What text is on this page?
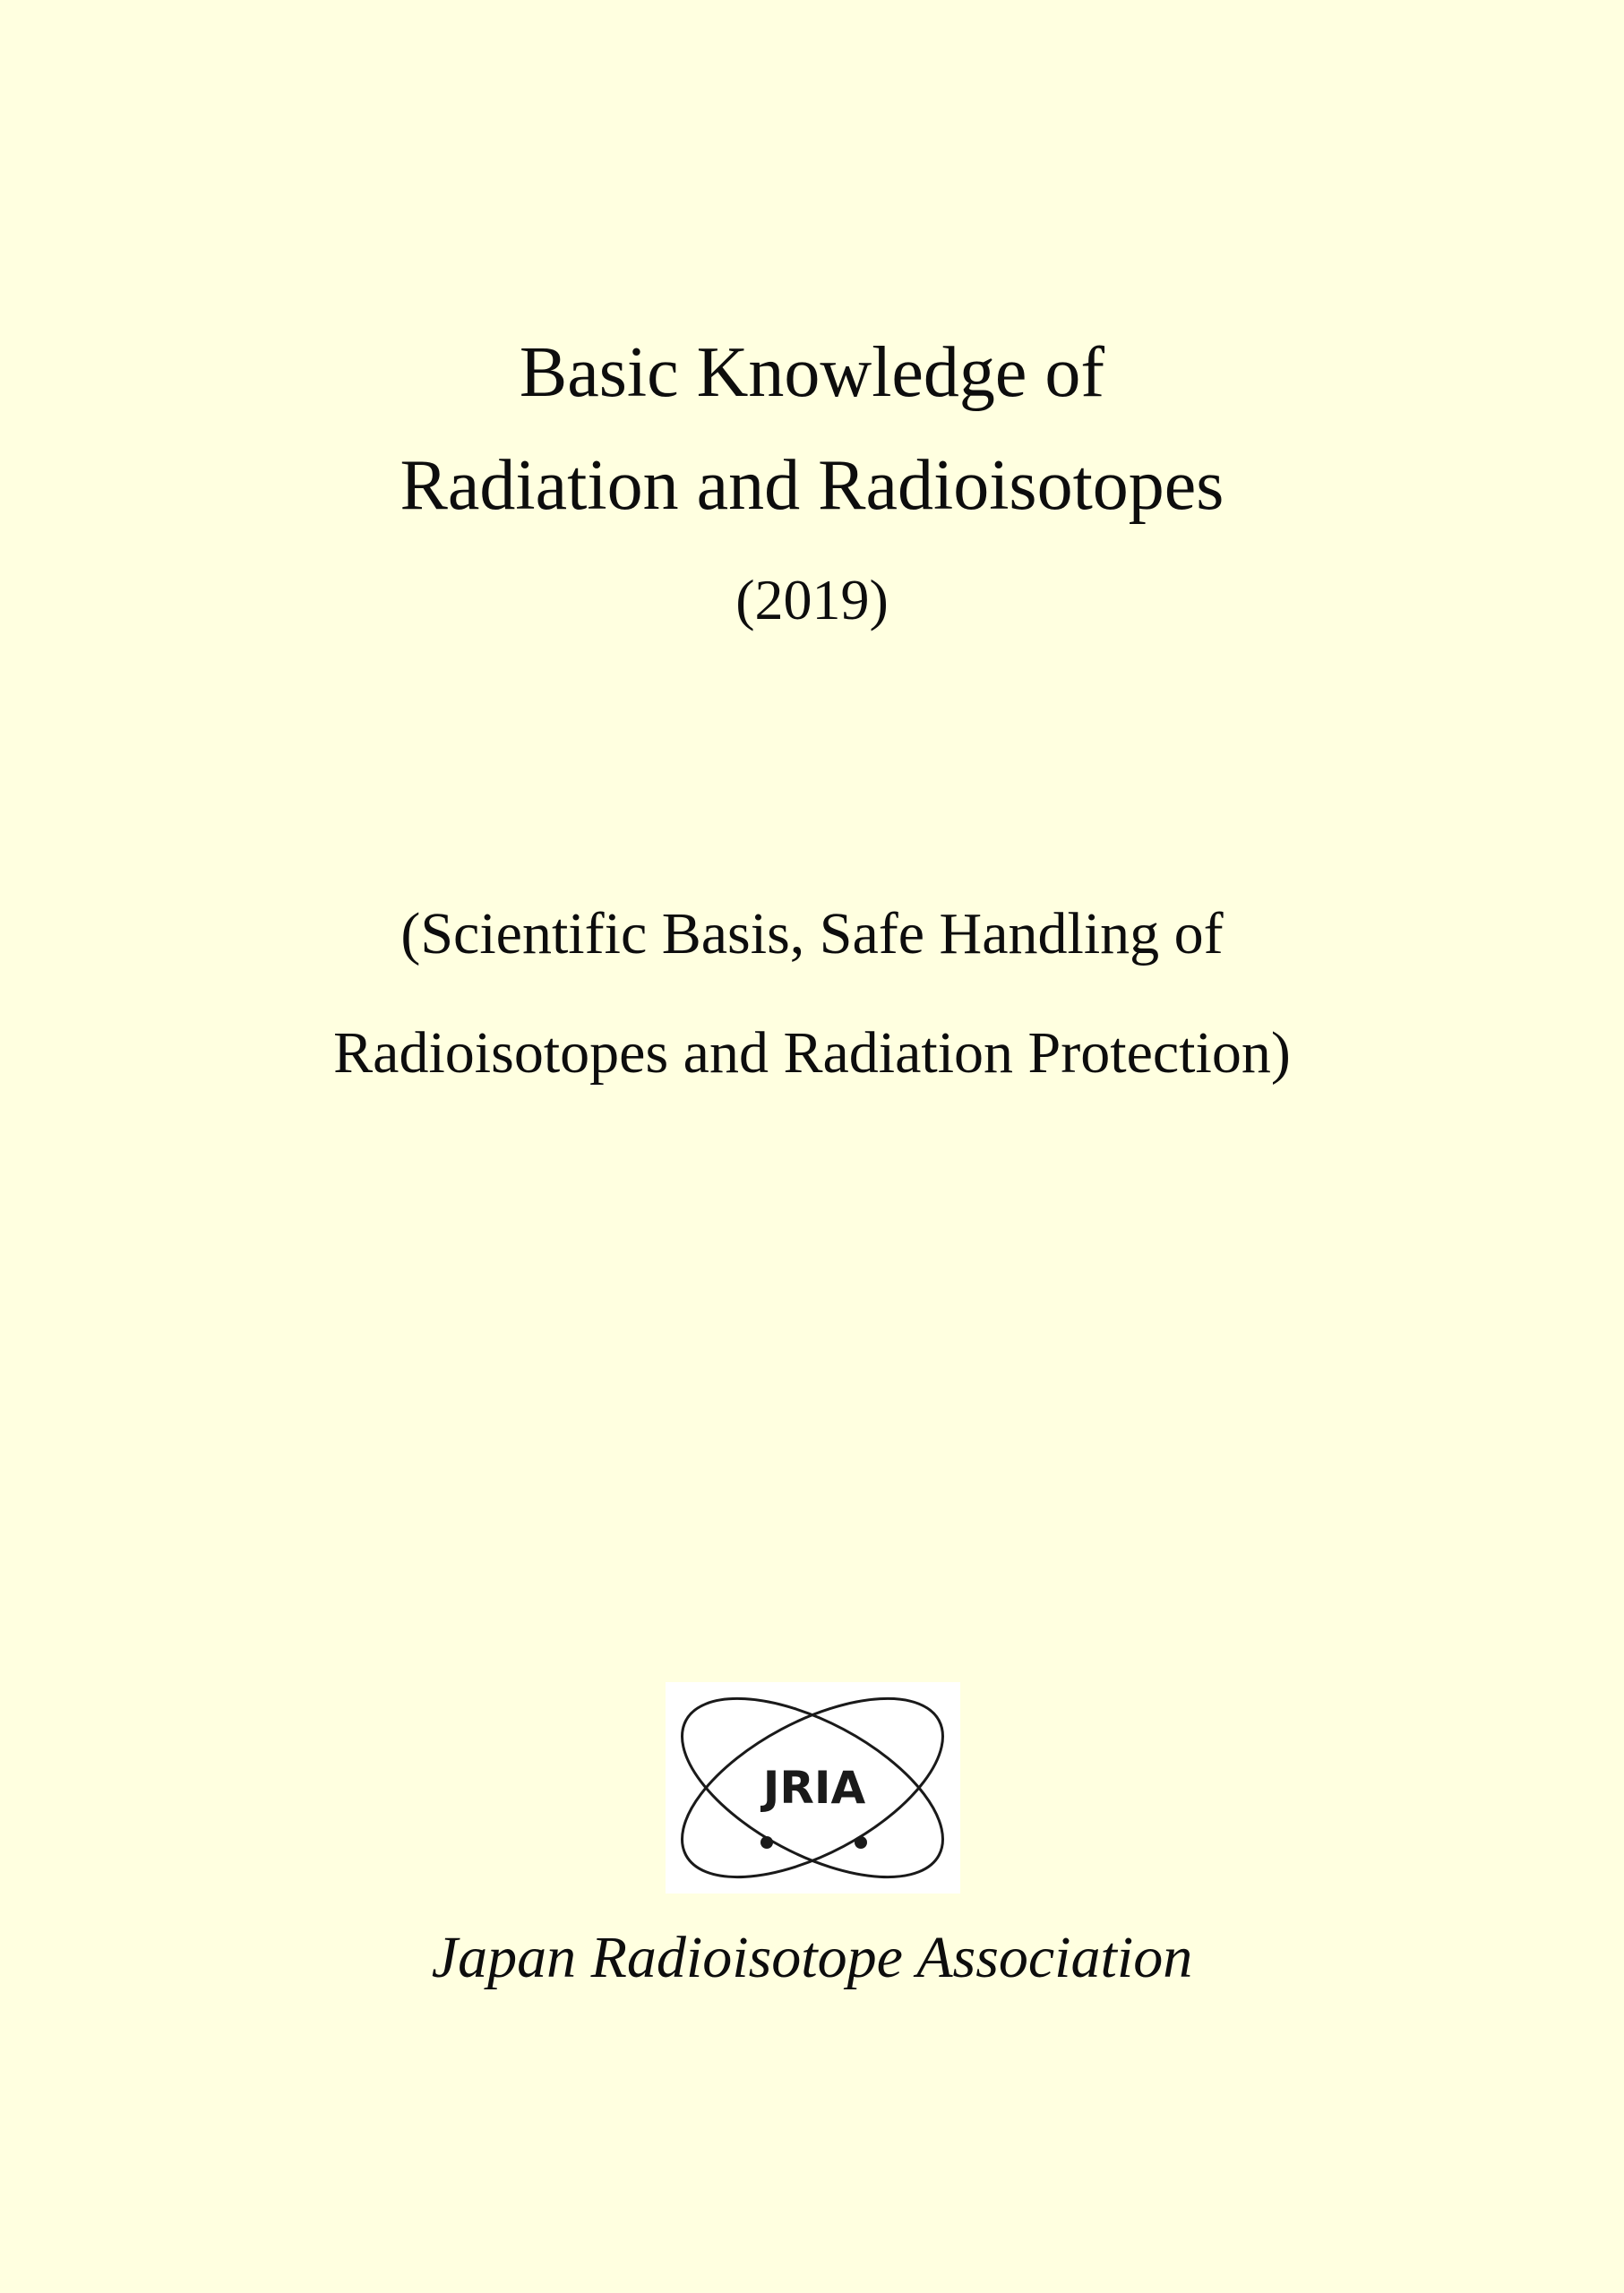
Basic Knowledge of
Radiation and Radioisotopes
(2019)
(Scientific Basis, Safe Handling of
Radioisotopes and Radiation Protection)
JRIA
Japan Radioisotope Association
